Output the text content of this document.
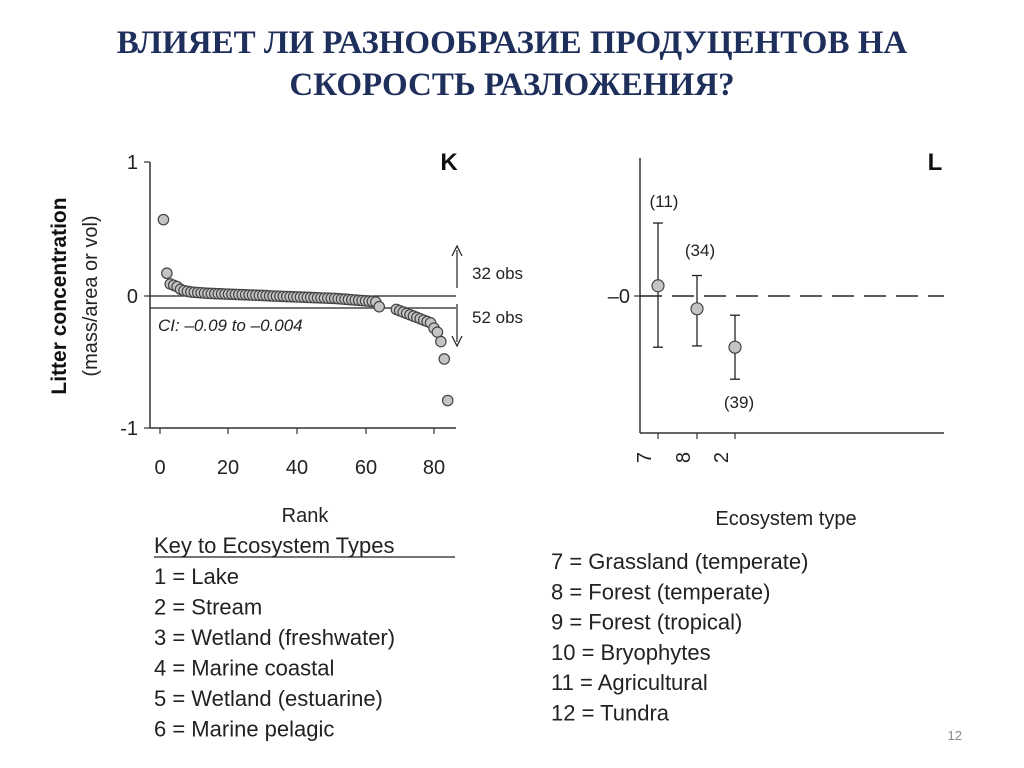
ВЛИЯЕТ ЛИ РАЗНООБРАЗИЕ ПРОДУЦЕНТОВ НА
СКОРОСТЬ РАЗЛОЖЕНИЯ?
1
0
-1
0	20 40 60 80
K
CI: –0.09 to –0.004
32 obs
52 obs
Rank
Litter concentration (mass/area or vol)	–0
L
7 8 2
(11)
(34)
(39)
Ecosystem type
Key to Ecosystem Types
1 = Lake
2 = Stream
3 = Wetland (freshwater)
4 = Marine coastal
5 = Wetland (estuarine)
6 = Marine pelagic
7 = Grassland (temperate)
8 = Forest (temperate)
9 = Forest (tropical)
10 = Bryophytes
11 = Agricultural
12 = Tundra
12
